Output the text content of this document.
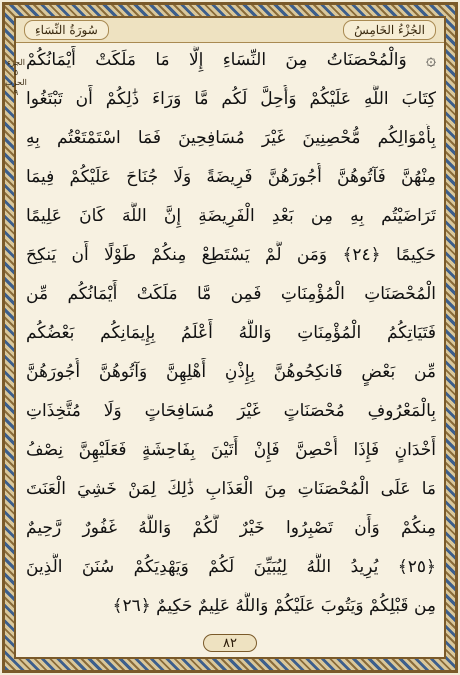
سُورَةُ النِّسَاءِ	الجُزْءُ الخَامِسُ
الجزء ٥
الحزب ٩
۞ وَالْمُحْصَنَاتُ مِنَ النِّسَاءِ إِلَّا مَا مَلَكَتْ أَيْمَانُكُمْ
كِتَابَ اللَّهِ عَلَيْكُمْ وَأُحِلَّ لَكُم مَّا وَرَاءَ ذَٰلِكُمْ أَن تَبْتَغُوا
بِأَمْوَالِكُم مُّحْصِنِينَ غَيْرَ مُسَافِحِينَ فَمَا اسْتَمْتَعْتُم بِهِ
مِنْهُنَّ فَآتُوهُنَّ أُجُورَهُنَّ فَرِيضَةً وَلَا جُنَاحَ عَلَيْكُمْ فِيمَا
تَرَاضَيْتُم بِهِ مِن بَعْدِ الْفَرِيضَةِ إِنَّ اللَّهَ كَانَ عَلِيمًا
حَكِيمًا ﴿٢٤﴾ وَمَن لَّمْ يَسْتَطِعْ مِنكُمْ طَوْلًا أَن يَنكِحَ
الْمُحْصَنَاتِ الْمُؤْمِنَاتِ فَمِن مَّا مَلَكَتْ أَيْمَانُكُم مِّن
فَتَيَاتِكُمُ الْمُؤْمِنَاتِ وَاللَّهُ أَعْلَمُ بِإِيمَانِكُم بَعْضُكُم
مِّن بَعْضٍ فَانكِحُوهُنَّ بِإِذْنِ أَهْلِهِنَّ وَآتُوهُنَّ أُجُورَهُنَّ
بِالْمَعْرُوفِ مُحْصَنَاتٍ غَيْرَ مُسَافِحَاتٍ وَلَا مُتَّخِذَاتِ
أَخْدَانٍ فَإِذَا أُحْصِنَّ فَإِنْ أَتَيْنَ بِفَاحِشَةٍ فَعَلَيْهِنَّ نِصْفُ
مَا عَلَى الْمُحْصَنَاتِ مِنَ الْعَذَابِ ذَٰلِكَ لِمَنْ خَشِيَ الْعَنَتَ
مِنكُمْ وَأَن تَصْبِرُوا خَيْرٌ لَّكُمْ وَاللَّهُ غَفُورٌ رَّحِيمٌ
﴿٢٥﴾ يُرِيدُ اللَّهُ لِيُبَيِّنَ لَكُمْ وَيَهْدِيَكُمْ سُنَنَ الَّذِينَ
مِن قَبْلِكُمْ وَيَتُوبَ عَلَيْكُمْ وَاللَّهُ عَلِيمٌ حَكِيمٌ ﴿٢٦﴾
٨٢
